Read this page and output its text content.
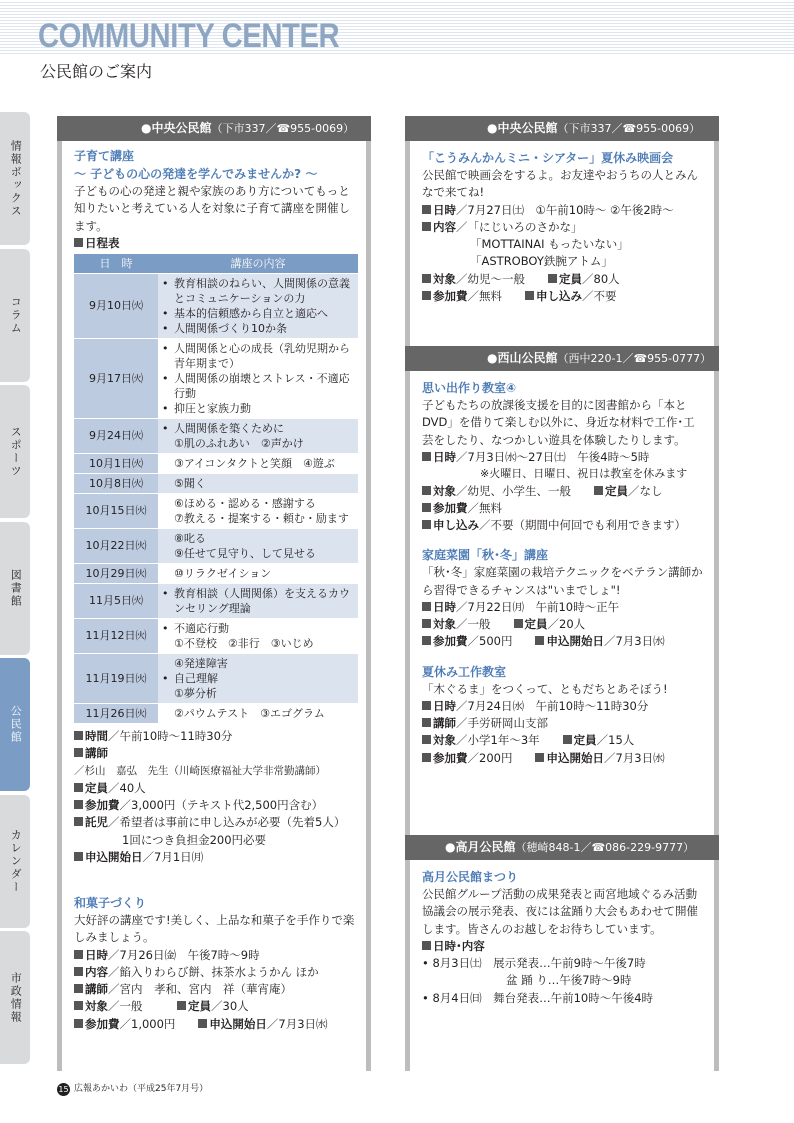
COMMUNITY CENTER
公民館のご案内
情報ボックス
コラム
スポーツ
図書館
公民館
カレンダー
市政情報
●中央公民館（下市337／☎955-0069）
子育て講座
～ 子どもの心の発達を学んでみませんか? ～

子どもの心の発達と親や家族のあり方についてもっと知りたいと考えている人を対象に子育て講座を開催します。

日程表

日　時	講座の内容
9月10日㈫	• 教育相談のねらい、人間関係の意義とコミュニケーションの力
• 基本的信頼感から自立と適応へ
• 人間関係づくり10か条

9月17日㈫	• 人間関係と心の成長（乳幼児期から青年期まで）
• 人間関係の崩壊とストレス・不適応行動
• 抑圧と家族力動

9月24日㈫	• 人間関係を築くために
①肌のふれあい　②声かけ

10月1日㈫	③アイコンタクトと笑顔　④遊ぶ

10月8日㈫	⑤聞く

10月15日㈫	⑥ほめる・認める・感謝する
⑦教える・提案する・頼む・励ます

10月22日㈫	⑧叱る
⑨任せて見守り、して見せる

10月29日㈫	⑩リラクゼイション

11月5日㈫	• 教育相談（人間関係）を支えるカウンセリング理論

11月12日㈫	• 不適応行動
①不登校　②非行　③いじめ

11月19日㈫	④発達障害
• 自己理解
①夢分析

11月26日㈫	②パウムテスト　③エゴグラム

時間／午前10時～11時30分

講師／杉山　嘉弘　先生（川崎医療福祉大学非常勤講師）

定員／40人

参加費／3,000円（テキスト代2,500円含む）

託児／希望者は事前に申し込みが必要（先着5人）

1回につき負担金200円必要

申込開始日／7月1日㈪

和菓子づくり

大好評の講座です!美しく、上品な和菓子を手作りで楽しみましょう。

日時／7月26日㈮　午後7時～9時

内容／餡入りわらび餅、抹茶水ようかん ほか

講師／宮内　孝和、宮内　祥（華宵庵）

対象／一般　　　	定員／30人

参加費／1,000円　　	申込開始日／7月3日㈬

●中央公民館（下市337／☎955-0069）
「こうみんかんミニ・シアター」夏休み映画会

公民館で映画会をするよ。お友達やおうちの人とみんなで来てね!

日時／7月27日㈯　①午前10時～ ②午後2時～

内容／「にじいろのさかな」

「MOTTAINAI もったいない」

「ASTROBOY鉄腕アトム」

対象／幼児～一般　　	定員／80人

参加費／無料　　	申し込み／不要

●西山公民館（西中220-1／☎955-0777）
思い出作り教室④

子どもたちの放課後支援を目的に図書館から「本とDVD」を借りて楽しむ以外に、身近な材料で工作･工芸をしたり、なつかしい遊具を体験したりします。

日時／7月3日㈬～27日㈯　午後4時～5時

※火曜日、日曜日、祝日は教室を休みます

対象／幼児、小学生、一般　　	定員／なし

参加費／無料

申し込み／不要（期間中何回でも利用できます）

家庭菜園「秋･冬」講座

「秋･冬」家庭菜園の栽培テクニックをベテラン講師から習得できるチャンスは"いまでしょ"!

日時／7月22日㈪　午前10時～正午

対象／一般　　	定員／20人

参加費／500円　　	申込開始日／7月3日㈬

夏休み工作教室

「木ぐるま」をつくって、ともだちとあそぼう!

日時／7月24日㈬　午前10時～11時30分

講師／手労研岡山支部

対象／小学1年～3年　　	定員／15人

参加費／200円　　	申込開始日／7月3日㈬

●高月公民館（穂崎848-1／☎086-229-9777）
高月公民館まつり

公民館グループ活動の成果発表と両宮地域ぐるみ活動協議会の展示発表、夜には盆踊り大会もあわせて開催します。皆さんのお越しをお待ちしています。

日時･内容

• 8月3日㈯　展示発表…午前9時～午後7時

盆 踊 り…午後7時～9時

• 8月4日㈰　舞台発表…午前10時～午後4時

15 広報あかいわ（平成25年7月号）
